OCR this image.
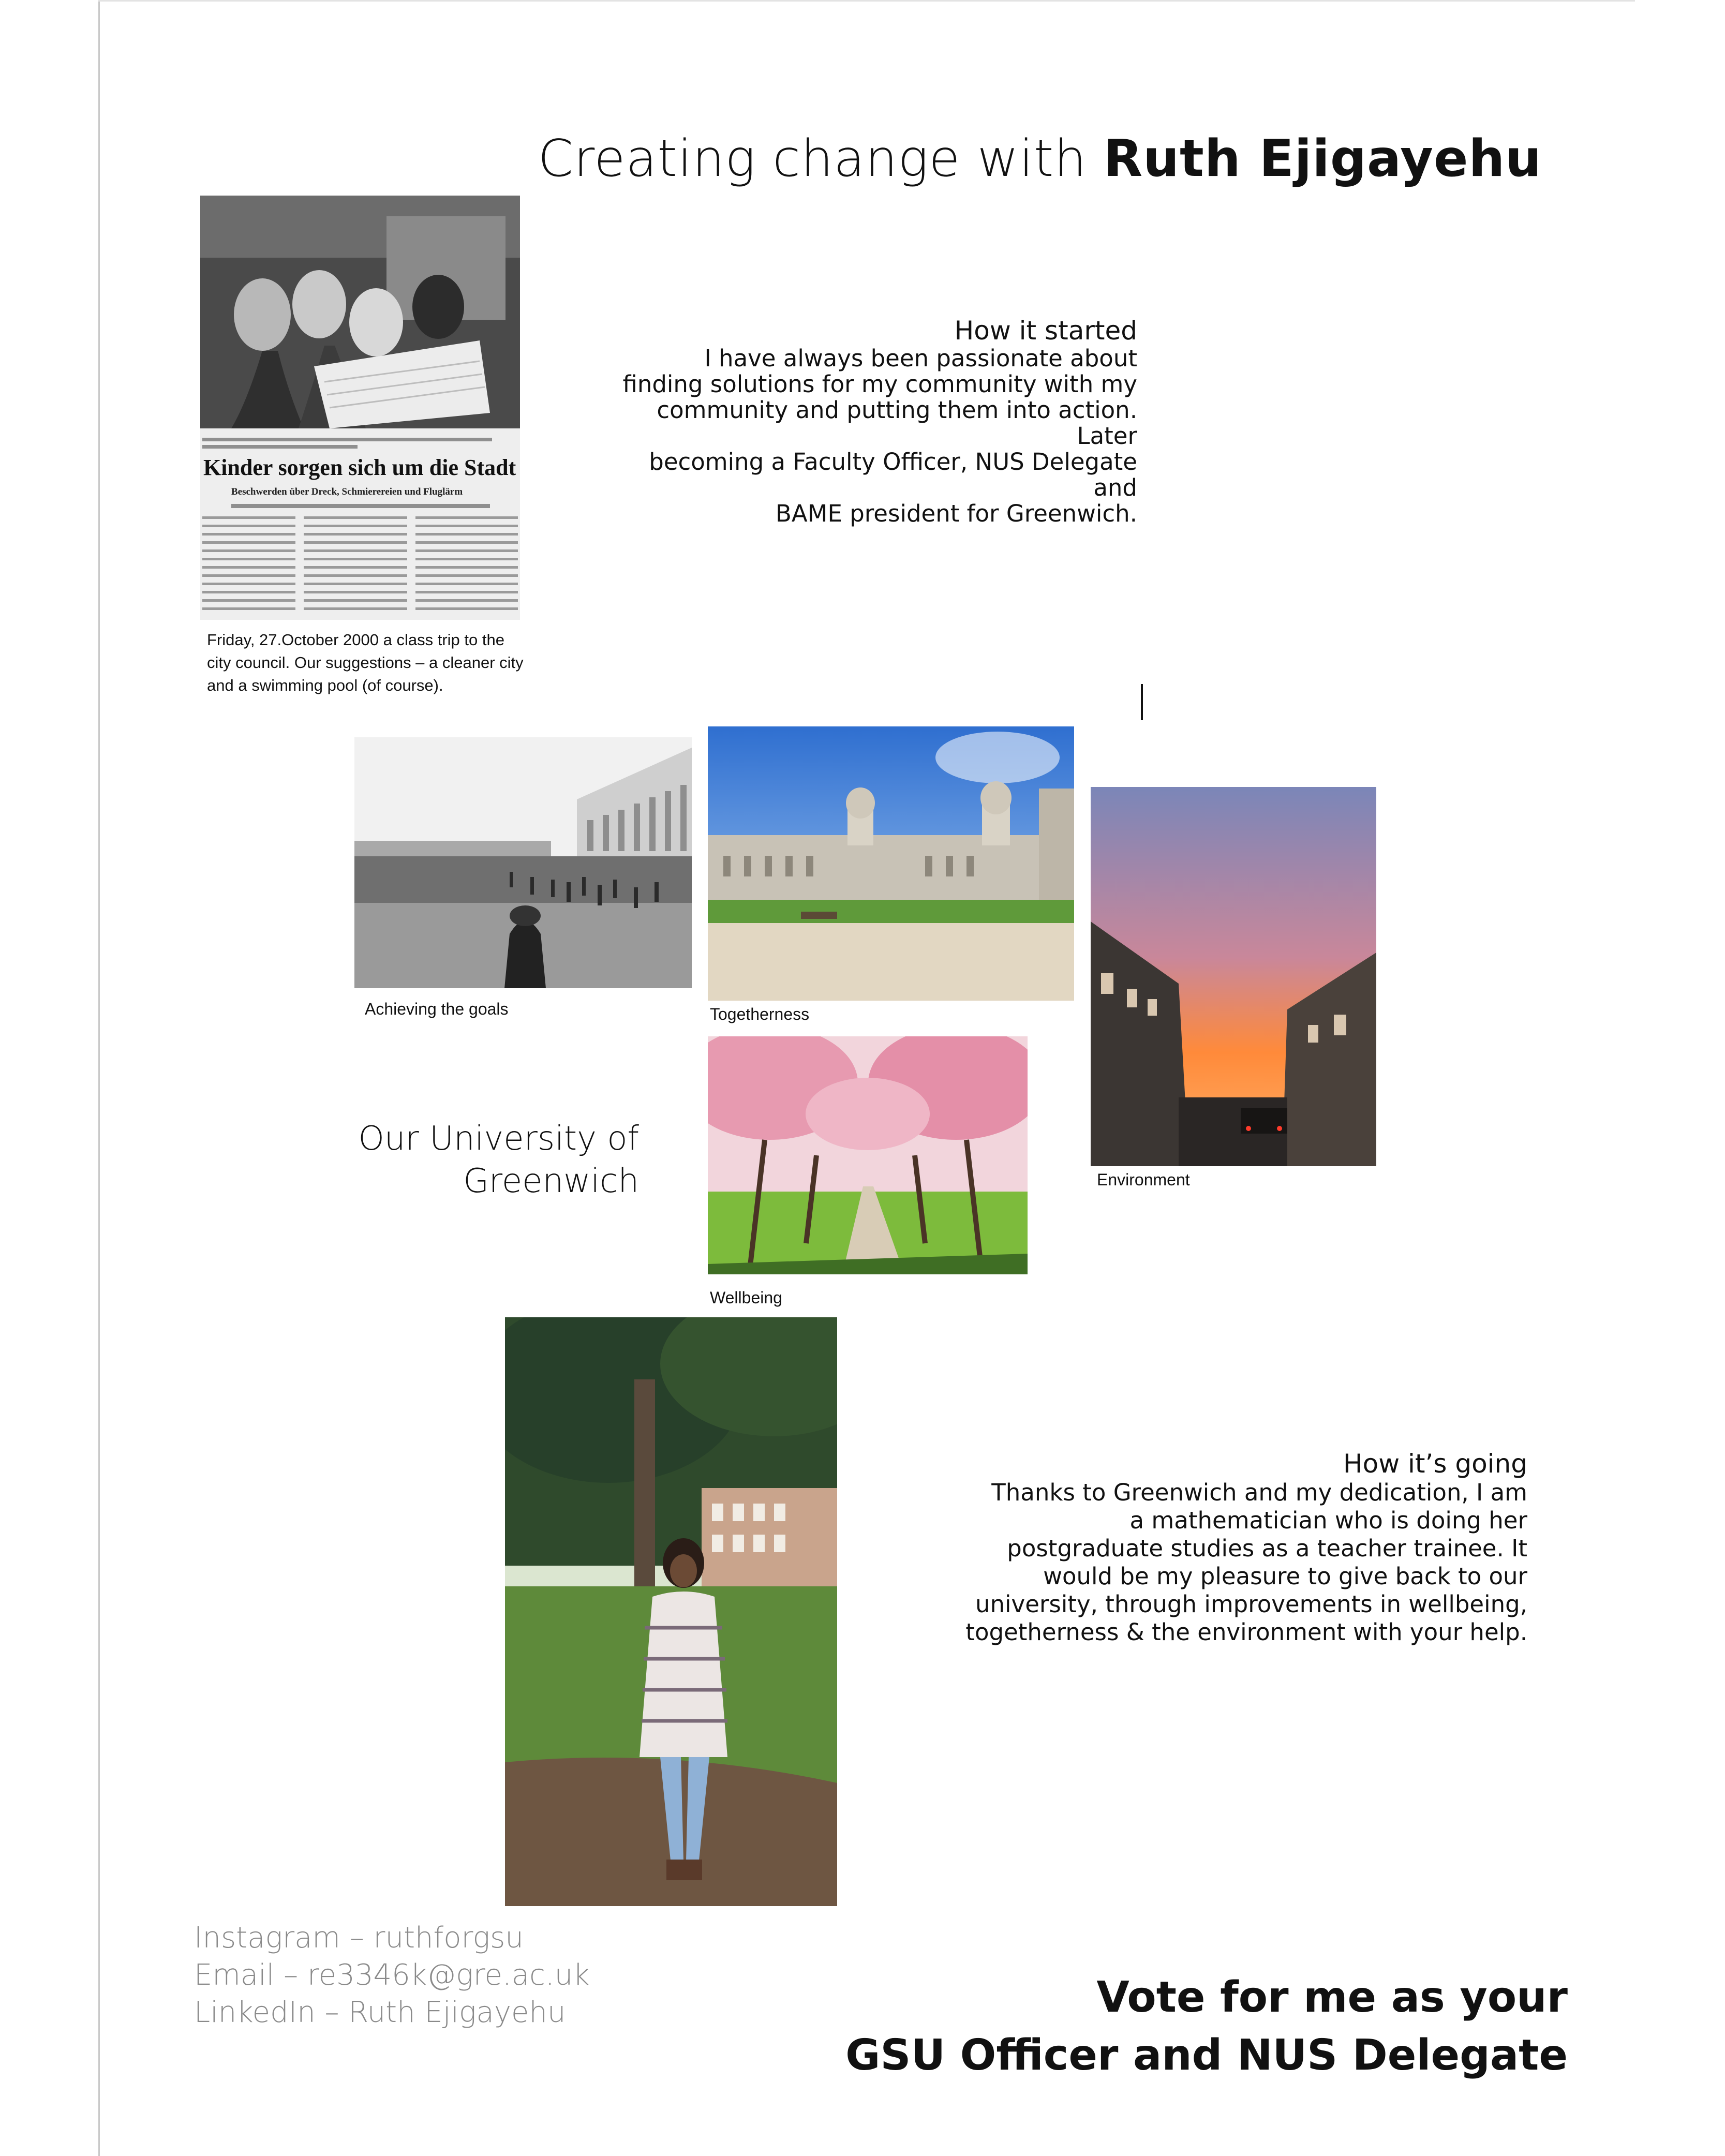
Creating change with Ruth Ejigayehu
Kinder sorgen sich um die Stadt
Beschwerden über Dreck, Schmierereien und Fluglärm

Friday, 27.October 2000 a class trip to the city council. Our suggestions – a cleaner city and a swimming pool (of course).

How it started
I have always been passionate about
finding solutions for my community with my
community and putting them into action. Later
becoming a Faculty Officer, NUS Delegate and
BAME president for Greenwich.
Achieving the goals	Togetherness
Environment
Wellbeing
Our University of
Greenwich
How it’s going
Thanks to Greenwich and my dedication, I am
a mathematician who is doing her
postgraduate studies as a teacher trainee. It
would be my pleasure to give back to our
university, through improvements in wellbeing,
togetherness & the environment with your help.
Instagram – ruthforgsu
Email – re3346k@gre.ac.uk
LinkedIn – Ruth Ejigayehu	Vote for me as your
GSU Officer and NUS Delegate
